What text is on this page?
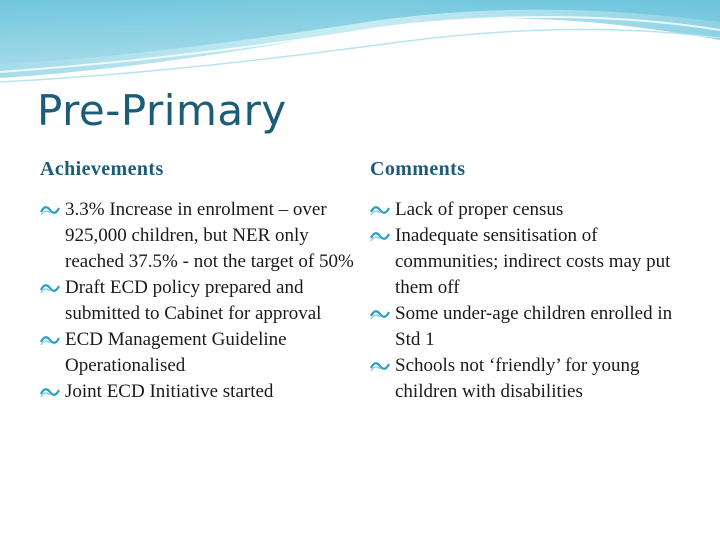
Pre-Primary
Achievements
3.3% Increase in enrolment – over 925,000 children, but NER only reached 37.5% - not the target of 50%
Draft ECD policy prepared and submitted to Cabinet for approval
ECD Management Guideline Operationalised
Joint ECD Initiative started
Comments
Lack of proper census
Inadequate sensitisation of communities; indirect costs may put them off
Some under-age children enrolled in Std 1
Schools not ‘friendly’ for young children with disabilities
